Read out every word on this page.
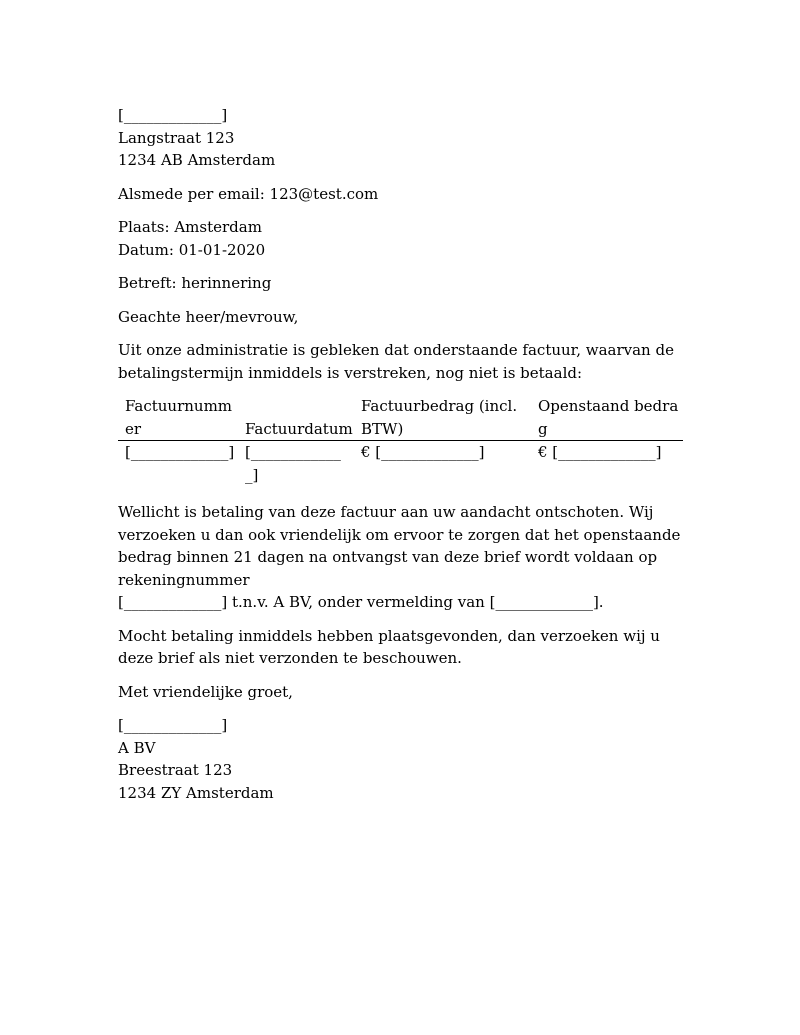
[_____________]
Langstraat 123
1234 AB Amsterdam
Alsmede per email: 123@test.com
Plaats: Amsterdam
Datum: 01-01-2020
Betreft: herinnering
Geachte heer/mevrouw,

Uit onze administratie is gebleken dat onderstaande factuur, waarvan de betalingstermijn inmiddels is verstreken, nog niet is betaald:

Factuurnummer	Factuurdatum	Factuurbedrag (incl. BTW)	Openstaand bedrag
[_____________]	[_____________]	€ [_____________]	€ [_____________]
Wellicht is betaling van deze factuur aan uw aandacht ontschoten. Wij verzoeken u dan ook vriendelijk om ervoor te zorgen dat het openstaande bedrag binnen 21 dagen na ontvangst van deze brief wordt voldaan op rekeningnummer
[_____________] t.n.v. A BV, onder vermelding van [_____________].

Mocht betaling inmiddels hebben plaatsgevonden, dan verzoeken wij u deze brief als niet verzonden te beschouwen.

Met vriendelijke groet,
[_____________]
A BV
Breestraat 123
1234 ZY Amsterdam
